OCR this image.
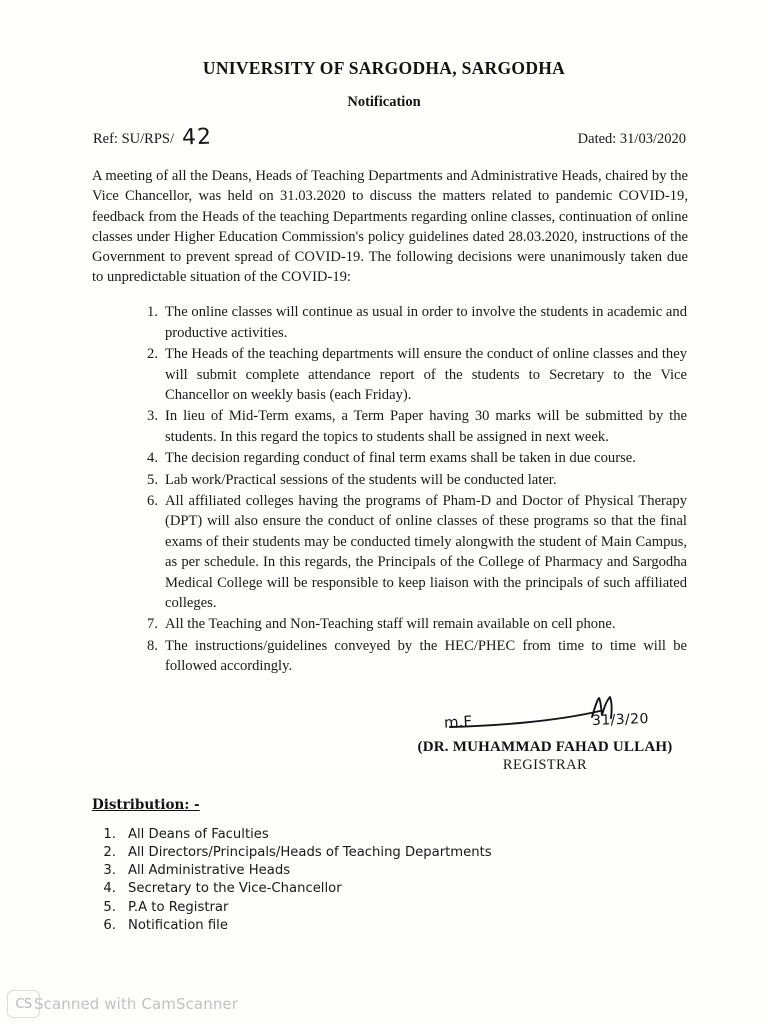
UNIVERSITY OF SARGODHA, SARGODHA
Notification
Ref: SU/RPS/ 42	Dated: 31/03/2020

A meeting of all the Deans, Heads of Teaching Departments and Administrative Heads, chaired by the Vice Chancellor, was held on 31.03.2020 to discuss the matters related to pandemic COVID-19, feedback from the Heads of the teaching Departments regarding online classes, continuation of online classes under Higher Education Commission's policy guidelines dated 28.03.2020, instructions of the Government to prevent spread of COVID-19. The following decisions were unanimously taken due to unpredictable situation of the COVID-19:

1. The online classes will continue as usual in order to involve the students in academic and productive activities.
2. The Heads of the teaching departments will ensure the conduct of online classes and they will submit complete attendance report of the students to Secretary to the Vice Chancellor on weekly basis (each Friday).
3. In lieu of Mid-Term exams, a Term Paper having 30 marks will be submitted by the students. In this regard the topics to students shall be assigned in next week.
4. The decision regarding conduct of final term exams shall be taken in due course.
5. Lab work/Practical sessions of the students will be conducted later.
6. All affiliated colleges having the programs of Pham-D and Doctor of Physical Therapy (DPT) will also ensure the conduct of online classes of these programs so that the final exams of their students may be conducted timely alongwith the student of Main Campus, as per schedule. In this regards, the Principals of the College of Pharmacy and Sargodha Medical College will be responsible to keep liaison with the principals of such affiliated colleges.
7. All the Teaching and Non-Teaching staff will remain available on cell phone.
8. The instructions/guidelines conveyed by the HEC/PHEC from time to time will be followed accordingly.
m.F	31/3/20
(DR. MUHAMMAD FAHAD ULLAH)
REGISTRAR
Distribution: -
1. All Deans of Faculties
2. All Directors/Principals/Heads of Teaching Departments
3. All Administrative Heads
4. Secretary to the Vice-Chancellor
5. P.A to Registrar
6. Notification file
CS Scanned with CamScanner
